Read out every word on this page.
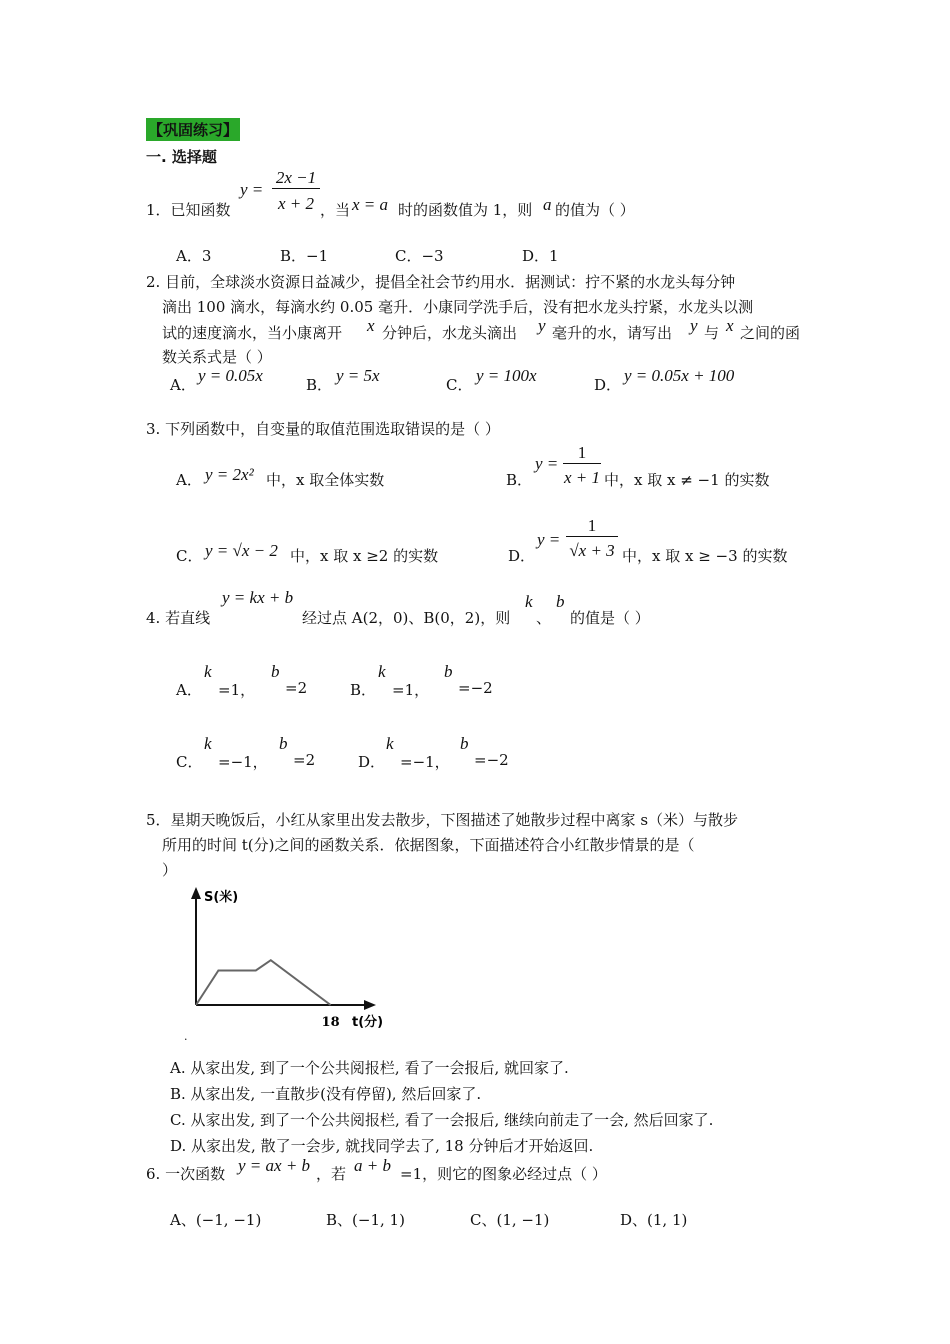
【巩固练习】
一. 选择题
1．已知函数
y =
2x −1
x + 2 ，当 x = a 时的函数值为 1，则 a 的值为（ ）
A．3	B．−1	C．−3	D．1
2. 目前，全球淡水资源日益减少，提倡全社会节约用水．据测试：拧不紧的水龙头每分钟
滴出 100 滴水，每滴水约 0.05 毫升．小康同学洗手后，没有把水龙头拧紧，水龙头以测
试的速度滴水，当小康离开 x 分钟后，水龙头滴出 y 毫升的水，请写出 y 与 x 之间的函
数关系式是（ ）
A． y = 0.05x	B． y = 5x	C． y = 100x	D． y = 0.05x + 100
3. 下列函数中，自变量的取值范围选取错误的是（ ）
A． y = 2x² 中，x 取全体实数	B．
y =
1
x + 1 中，x 取 x ≠ −1 的实数
C． y = √x − 2 中，x 取 x ≥2 的实数	D．
y =
1
√x + 3 中，x 取 x ≥ −3 的实数
4. 若直线
y = kx + b
经过点 A(2，0)、B(0，2)，则
k
、
b
的值是（ ）
A．
k
=1，
b
=2	B．
k
=1，
b
=−2
C．
k
=−1，
b
=2	D．
k
=−1，
b
=−2
5．星期天晚饭后，小红从家里出发去散步，下图描述了她散步过程中离家 s（米）与散步
所用的时间 t(分)之间的函数关系．依据图象，下面描述符合小红散步情景的是（
）
S(米)
18 t(分)
.
A. 从家出发, 到了一个公共阅报栏, 看了一会报后, 就回家了.
B. 从家出发, 一直散步(没有停留), 然后回家了.
C. 从家出发, 到了一个公共阅报栏, 看了一会报后, 继续向前走了一会, 然后回家了.
D. 从家出发, 散了一会步, 就找同学去了, 18 分钟后才开始返回.
6. 一次函数 y = ax + b ，若 a + b =1，则它的图象必经过点（ ）
A、(−1, −1)	B、(−1, 1)	C、(1, −1)	D、(1, 1)
